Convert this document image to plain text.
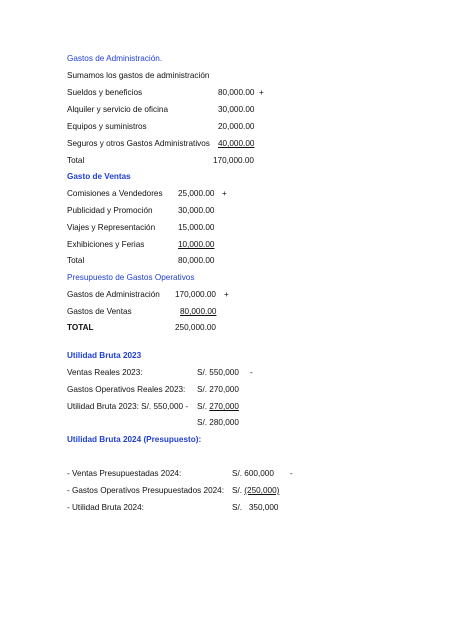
Gastos de Administración.
Sumamos los gastos de administración
Sueldos y beneficios	80,000.00 +
Alquiler y servicio de oficina	30,000.00
Equipos y suministros	20,000.00
Seguros y otros Gastos Administrativos 40,000.00
Total	170,000.00
Gasto de Ventas
Comisiones a Vendedores 25,000.00 +
Publicidad y Promoción	30,000.00
Viajes y Representación	15,000.00
Exhibiciones y Ferias	10,000.00
Total	80,000.00
Presupuesto de Gastos Operativos
Gastos de Administración 170,000.00 +
Gastos de Ventas	80,000.00
TOTAL	250,000.00
Utilidad Bruta 2023
Ventas Reales 2023:	S/. 550,000 -
Gastos Operativos Reales 2023: S/. 270,000
Utilidad Bruta 2023: S/. 550,000 - S/. 270,000
S/. 280,000
Utilidad Bruta 2024 (Presupuesto):
- Ventas Presupuestadas 2024:	S/. 600,000 -
- Gastos Operativos Presupuestados 2024: S/. (250,000)
- Utilidad Bruta 2024:	S/.   350,000
